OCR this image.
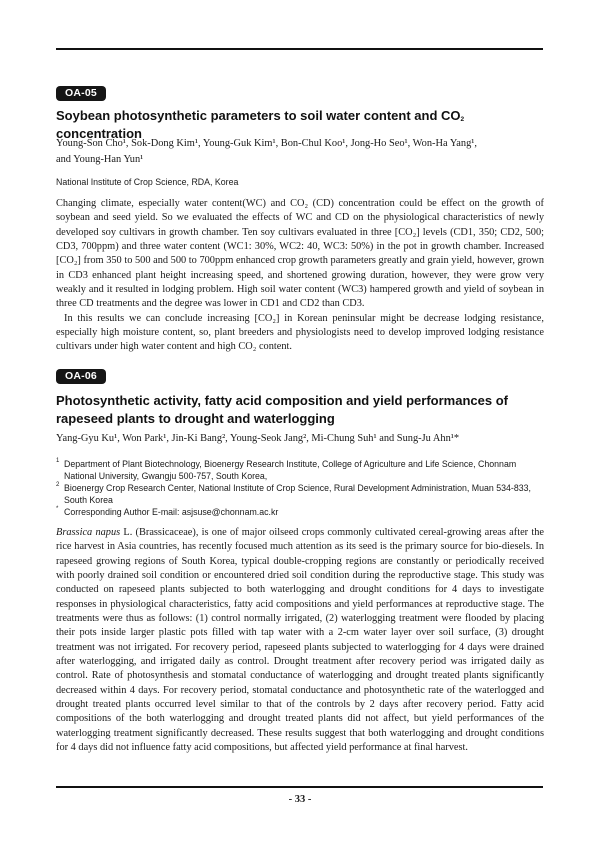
OA-05
Soybean photosynthetic parameters to soil water content and $CO_2$ concentration

Young-Son Cho¹, Sok-Dong Kim¹, Young-Guk Kim¹, Bon-Chul Koo¹, Jong-Ho Seo¹, Won-Ha Yang¹,
and Young-Han Yun¹

National Institute of Crop Science, RDA, Korea

Changing climate, especially water content(WC) and CO₂ (CD) concentration could be effect on the growth of soybean and seed yield. So we evaluated the effects of WC and CD on the physiological characteristics of newly developed soy cultivars in growth chamber. Ten soy cultivars evaluated in three [CO₂] levels (CD1, 350; CD2, 500; CD3, 700ppm) and three water content (WC1: 30%, WC2: 40, WC3: 50%) in the pot in growth chamber. Increased [CO₂] from 350 to 500 and 500 to 700ppm enhanced crop growth parameters greatly and grain yield, however, grown in CD3 enhanced plant height increasing speed, and shortened growing duration, however, they were grow very weakly and it resulted in lodging problem. High soil water content (WC3) hampered growth and yield of soybean in three CD treatments and the degree was lower in CD1 and CD2 than CD3.

In this results we can conclude increasing [CO₂] in Korean peninsular might be decrease lodging resistance, especially high moisture content, so, plant breeders and physiologists need to develop improved lodging resistance cultivars under high water content and high CO₂ content.

OA-06
Photosynthetic activity, fatty acid composition and yield performances of
rapeseed plants to drought and waterlogging

Yang-Gyu Ku¹, Won Park¹, Jin-Ki Bang², Young-Seok Jang², Mi-Chung Suh¹ and Sung-Ju Ahn¹*

1 Department of Plant Biotechnology, Bioenergy Research Institute, College of Agriculture and Life Science, Chonnam National University, Gwangju 500-757, South Korea,
2 Bioenergy Crop Research Center, National Institute of Crop Science, Rural Development Administration, Muan 534-833, South Korea
* Corresponding Author E-mail: asjsuse@chonnam.ac.kr

Brassica napus L. (Brassicaceae), is one of major oilseed crops commonly cultivated cereal-growing areas after the rice harvest in Asia countries, has recently focused much attention as its seed is the primary source for bio-diesels. In rapeseed growing regions of South Korea, typical double-cropping regions are constantly or periodically received with poorly drained soil condition or encountered dried soil condition during the reproductive stage. This study was conducted on rapeseed plants subjected to both waterlogging and drought conditions for 4 days to investigate responses in physiological characteristics, fatty acid compositions and yield performances at reproductive stage. The treatments were thus as follows: (1) control normally irrigated, (2) waterlogging treatment were flooded by placing their pots inside larger plastic pots filled with tap water with a 2-cm water layer over soil surface, (3) drought treatment was not irrigated. For recovery period, rapeseed plants subjected to waterlogging for 4 days were drained after waterlogging, and irrigated daily as control. Drought treatment after recovery period was irrigated daily as control. Rate of photosynthesis and stomatal conductance of waterlogging and drought treated plants significantly decreased within 4 days. For recovery period, stomatal conductance and photosynthetic rate of the waterlogged and drought treated plants occurred level similar to that of the controls by 2 days after recovery period. Fatty acid compositions of the both waterlogging and drought treated plants did not affect, but yield performances of the waterlogging treatment significantly decreased. These results suggest that both waterlogging and drought conditions for 4 days did not influence fatty acid compositions, but affected yield performance at final harvest.

- 33 -
